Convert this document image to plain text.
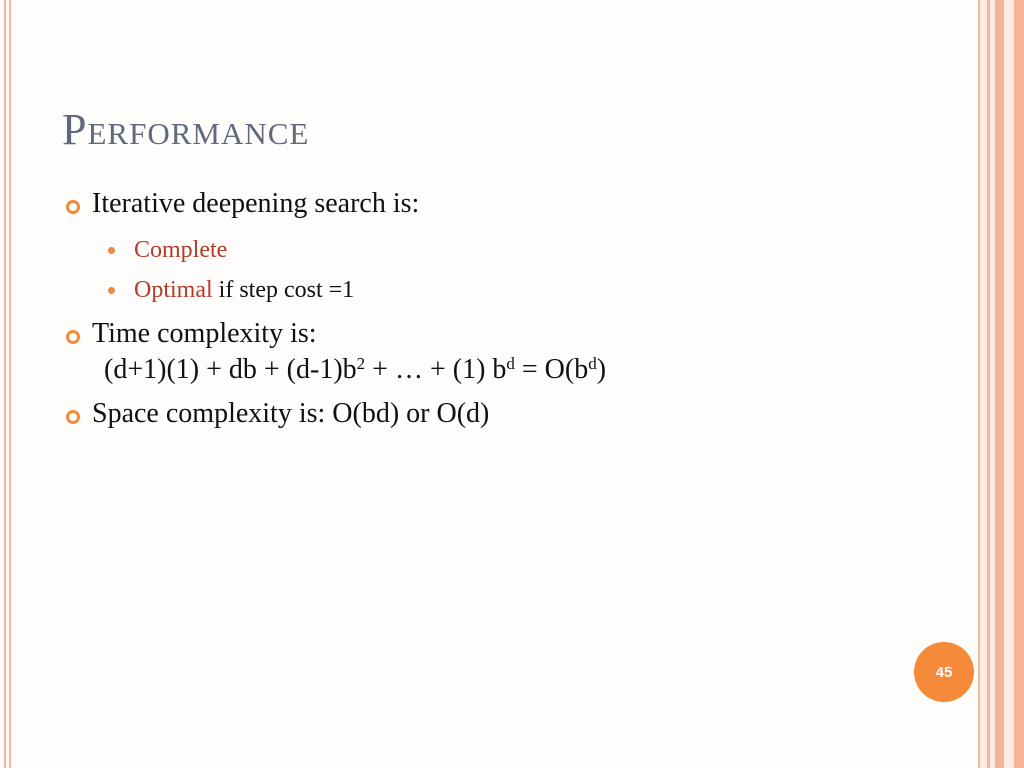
Performance
Iterative deepening search is:
Complete
Optimal if step cost =1
Time complexity is:
(d+1)(1) + db + $(d-1)b^2$ + … + (1) $b^d = O(b^d)$
Space complexity is: O(bd) or O(d)
45
